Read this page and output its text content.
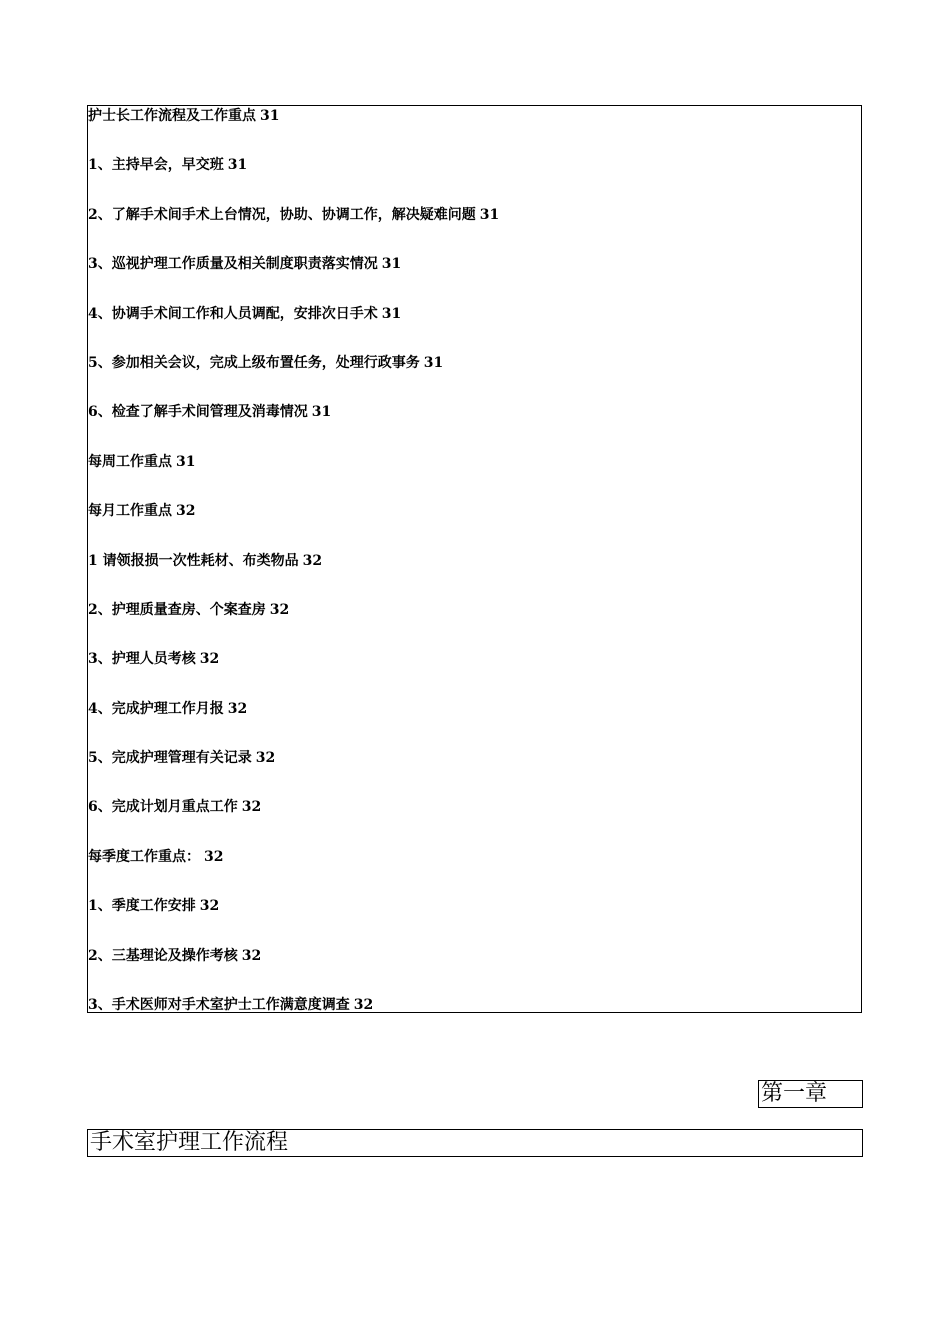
护士长工作流程及工作重点 31
1、主持早会，早交班 31
2、了解手术间手术上台情况，协助、协调工作，解决疑难问题 31
3、巡视护理工作质量及相关制度职责落实情况 31
4、协调手术间工作和人员调配，安排次日手术 31
5、参加相关会议，完成上级布置任务，处理行政事务 31
6、检查了解手术间管理及消毒情况 31
每周工作重点 31
每月工作重点 32
1 请领报损一次性耗材、布类物品 32
2、护理质量查房、个案查房 32
3、护理人员考核 32
4、完成护理工作月报 32
5、完成护理管理有关记录 32
6、完成计划月重点工作 32
每季度工作重点： 32
1、季度工作安排 32
2、三基理论及操作考核 32
3、手术医师对手术室护士工作满意度调查 32
第一章
手术室护理工作流程
